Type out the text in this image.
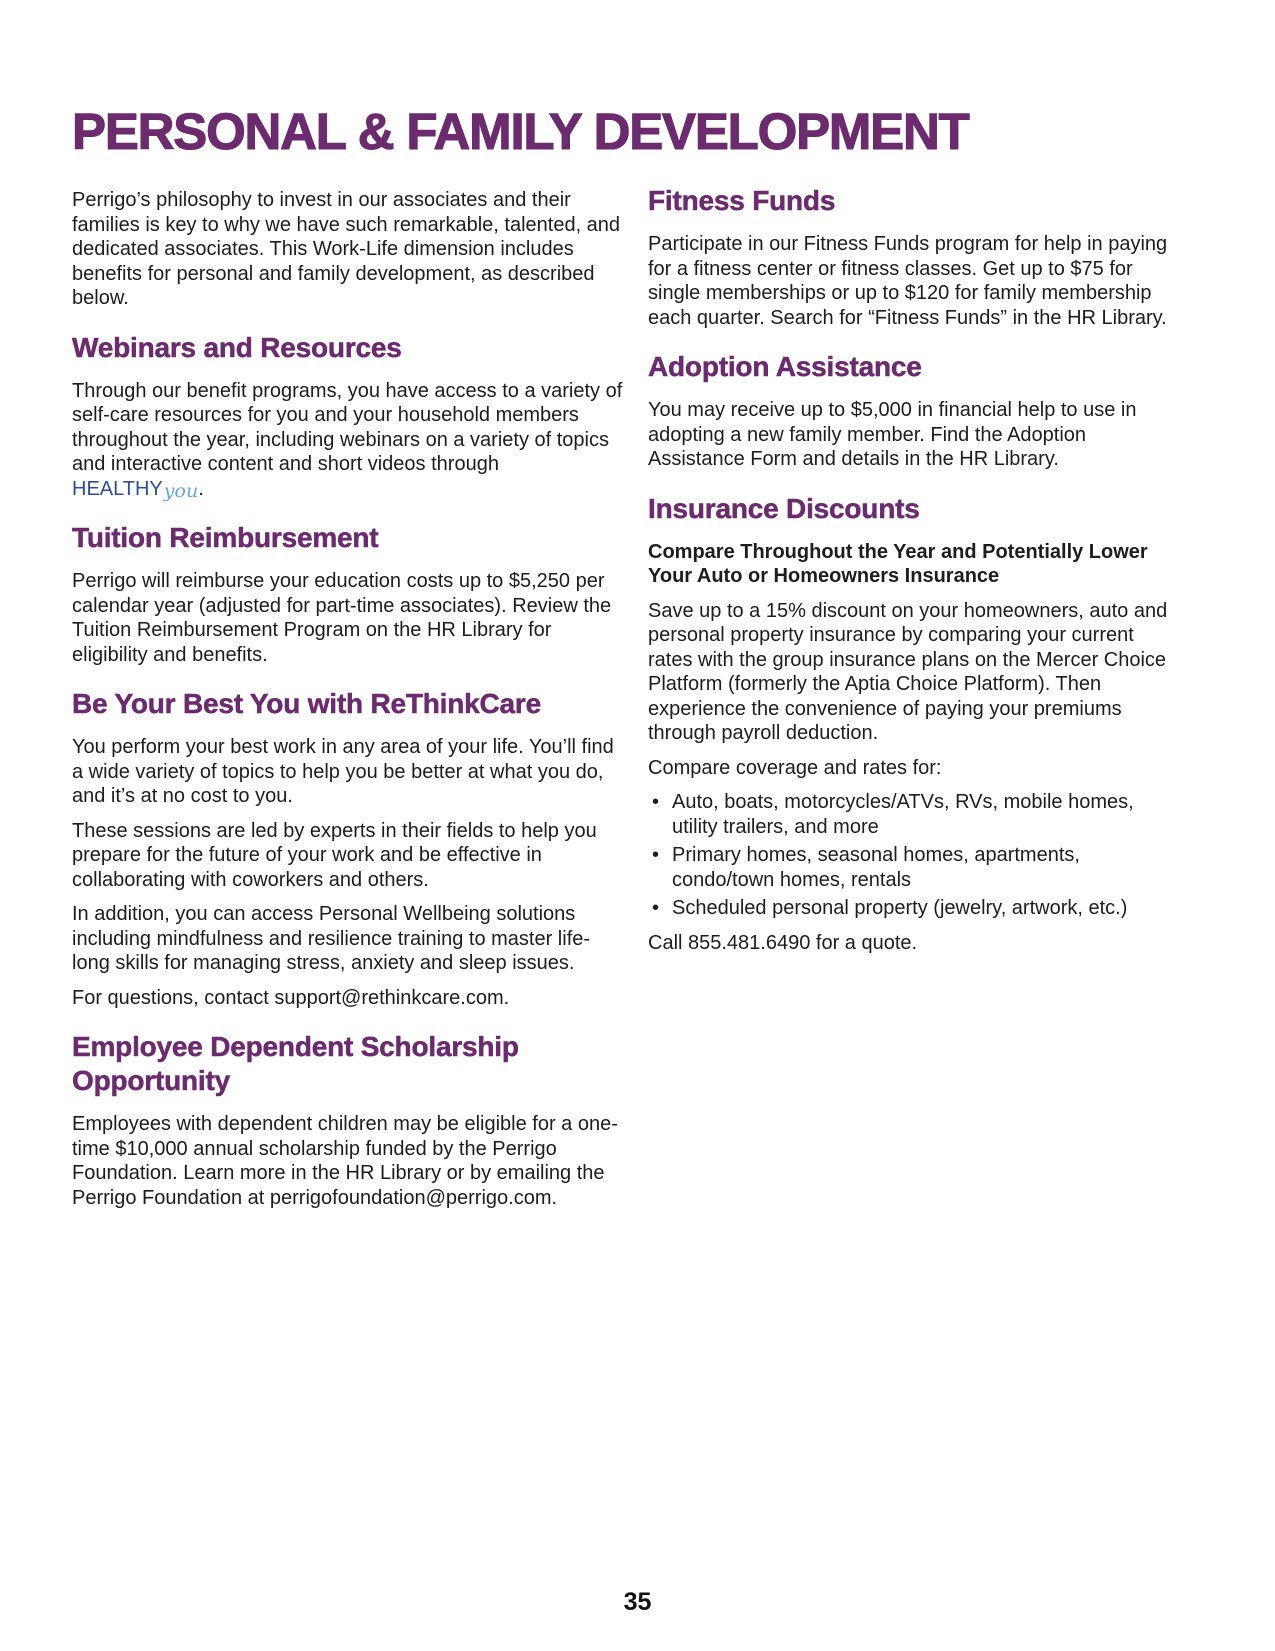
PERSONAL & FAMILY DEVELOPMENT

Perrigo’s philosophy to invest in our associates and their families is key to why we have such remarkable, talented, and dedicated associates. This Work-Life dimension includes benefits for personal and family development, as described below.

Webinars and Resources

Through our benefit programs, you have access to a variety of self-care resources for you and your household members throughout the year, including webinars on a variety of topics and interactive content and short videos through HEALTHYyou.

Tuition Reimbursement

Perrigo will reimburse your education costs up to $5,250 per calendar year (adjusted for part-time associates). Review the Tuition Reimbursement Program on the HR Library for eligibility and benefits.

Be Your Best You with ReThinkCare

You perform your best work in any area of your life. You’ll find a wide variety of topics to help you be better at what you do, and it’s at no cost to you.

These sessions are led by experts in their fields to help you prepare for the future of your work and be effective in collaborating with coworkers and others.

In addition, you can access Personal Wellbeing solutions including mindfulness and resilience training to master life-long skills for managing stress, anxiety and sleep issues.

For questions, contact support@rethinkcare.com.

Employee Dependent Scholarship Opportunity

Employees with dependent children may be eligible for a one-time $10,000 annual scholarship funded by the Perrigo Foundation. Learn more in the HR Library or by emailing the Perrigo Foundation at perrigofoundation@perrigo.com.

Fitness Funds

Participate in our Fitness Funds program for help in paying for a fitness center or fitness classes. Get up to $75 for single memberships or up to $120 for family membership each quarter. Search for “Fitness Funds” in the HR Library.

Adoption Assistance

You may receive up to $5,000 in financial help to use in adopting a new family member. Find the Adoption Assistance Form and details in the HR Library.

Insurance Discounts

Compare Throughout the Year and Potentially Lower Your Auto or Homeowners Insurance

Save up to a 15% discount on your homeowners, auto and personal property insurance by comparing your current rates with the group insurance plans on the Mercer Choice Platform (formerly the Aptia Choice Platform). Then experience the convenience of paying your premiums through payroll deduction.

Compare coverage and rates for:

• Auto, boats, motorcycles/ATVs, RVs, mobile homes, utility trailers, and more
• Primary homes, seasonal homes, apartments, condo/town homes, rentals
• Scheduled personal property (jewelry, artwork, etc.)

Call 855.481.6490 for a quote.

35
